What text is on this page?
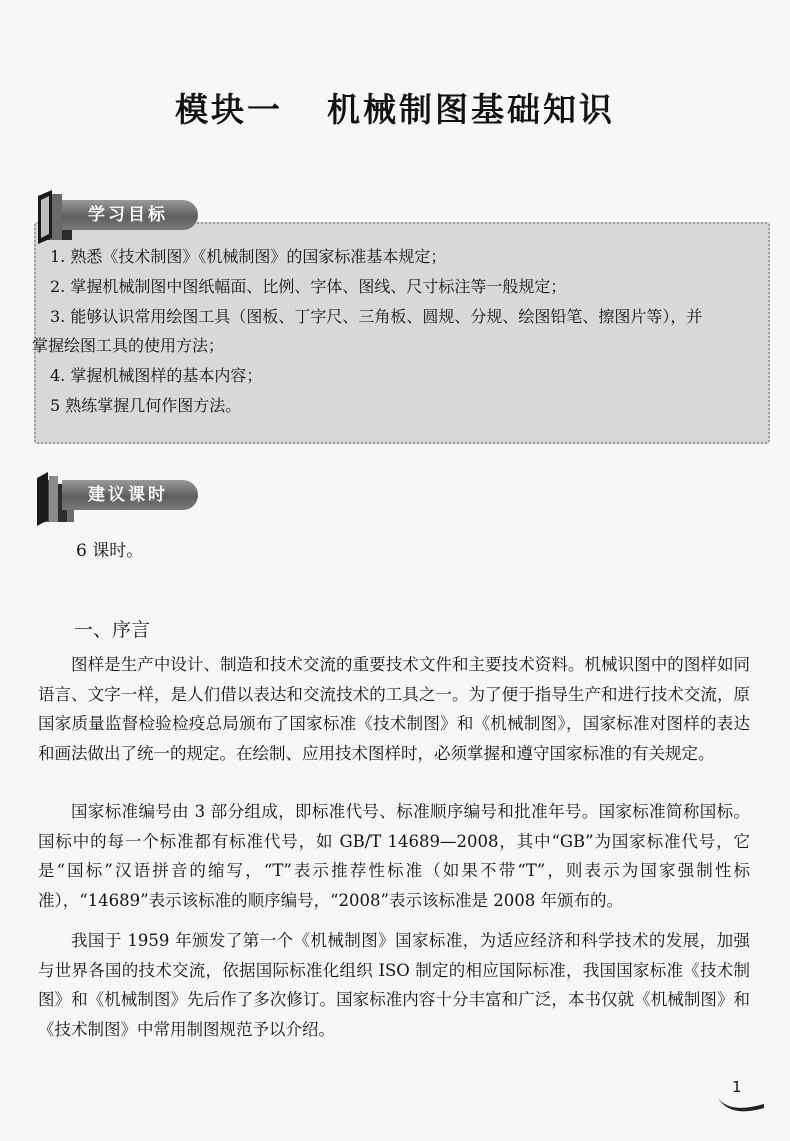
模块一 机械制图基础知识
学习目标
1. 熟悉《技术制图》《机械制图》的国家标准基本规定；
2. 掌握机械制图中图纸幅面、比例、字体、图线、尺寸标注等一般规定；
3. 能够认识常用绘图工具（图板、丁字尺、三角板、圆规、分规、绘图铅笔、擦图片等），并
掌握绘图工具的使用方法；
4. 掌握机械图样的基本内容；
5 熟练掌握几何作图方法。
建议课时
6 课时。
一、序言

图样是生产中设计、制造和技术交流的重要技术文件和主要技术资料。机械识图中的图样如同语言、文字一样，是人们借以表达和交流技术的工具之一。为了便于指导生产和进行技术交流，原国家质量监督检验检疫总局颁布了国家标准《技术制图》和《机械制图》，国家标准对图样的表达和画法做出了统一的规定。在绘制、应用技术图样时，必须掌握和遵守国家标准的有关规定。

国家标准编号由 3 部分组成，即标准代号、标准顺序编号和批准年号。国家标准简称国标。国标中的每一个标准都有标准代号，如 GB/T 14689—2008，其中“GB”为国家标准代号，它是“国标”汉语拼音的缩写，“T”表示推荐性标准（如果不带“T”，则表示为国家强制性标准），“14689”表示该标准的顺序编号，“2008”表示该标准是 2008 年颁布的。

我国于 1959 年颁发了第一个《机械制图》国家标准，为适应经济和科学技术的发展，加强与世界各国的技术交流，依据国际标准化组织 ISO 制定的相应国际标准，我国国家标准《技术制图》和《机械制图》先后作了多次修订。国家标准内容十分丰富和广泛，本书仅就《机械制图》和《技术制图》中常用制图规范予以介绍。

1
